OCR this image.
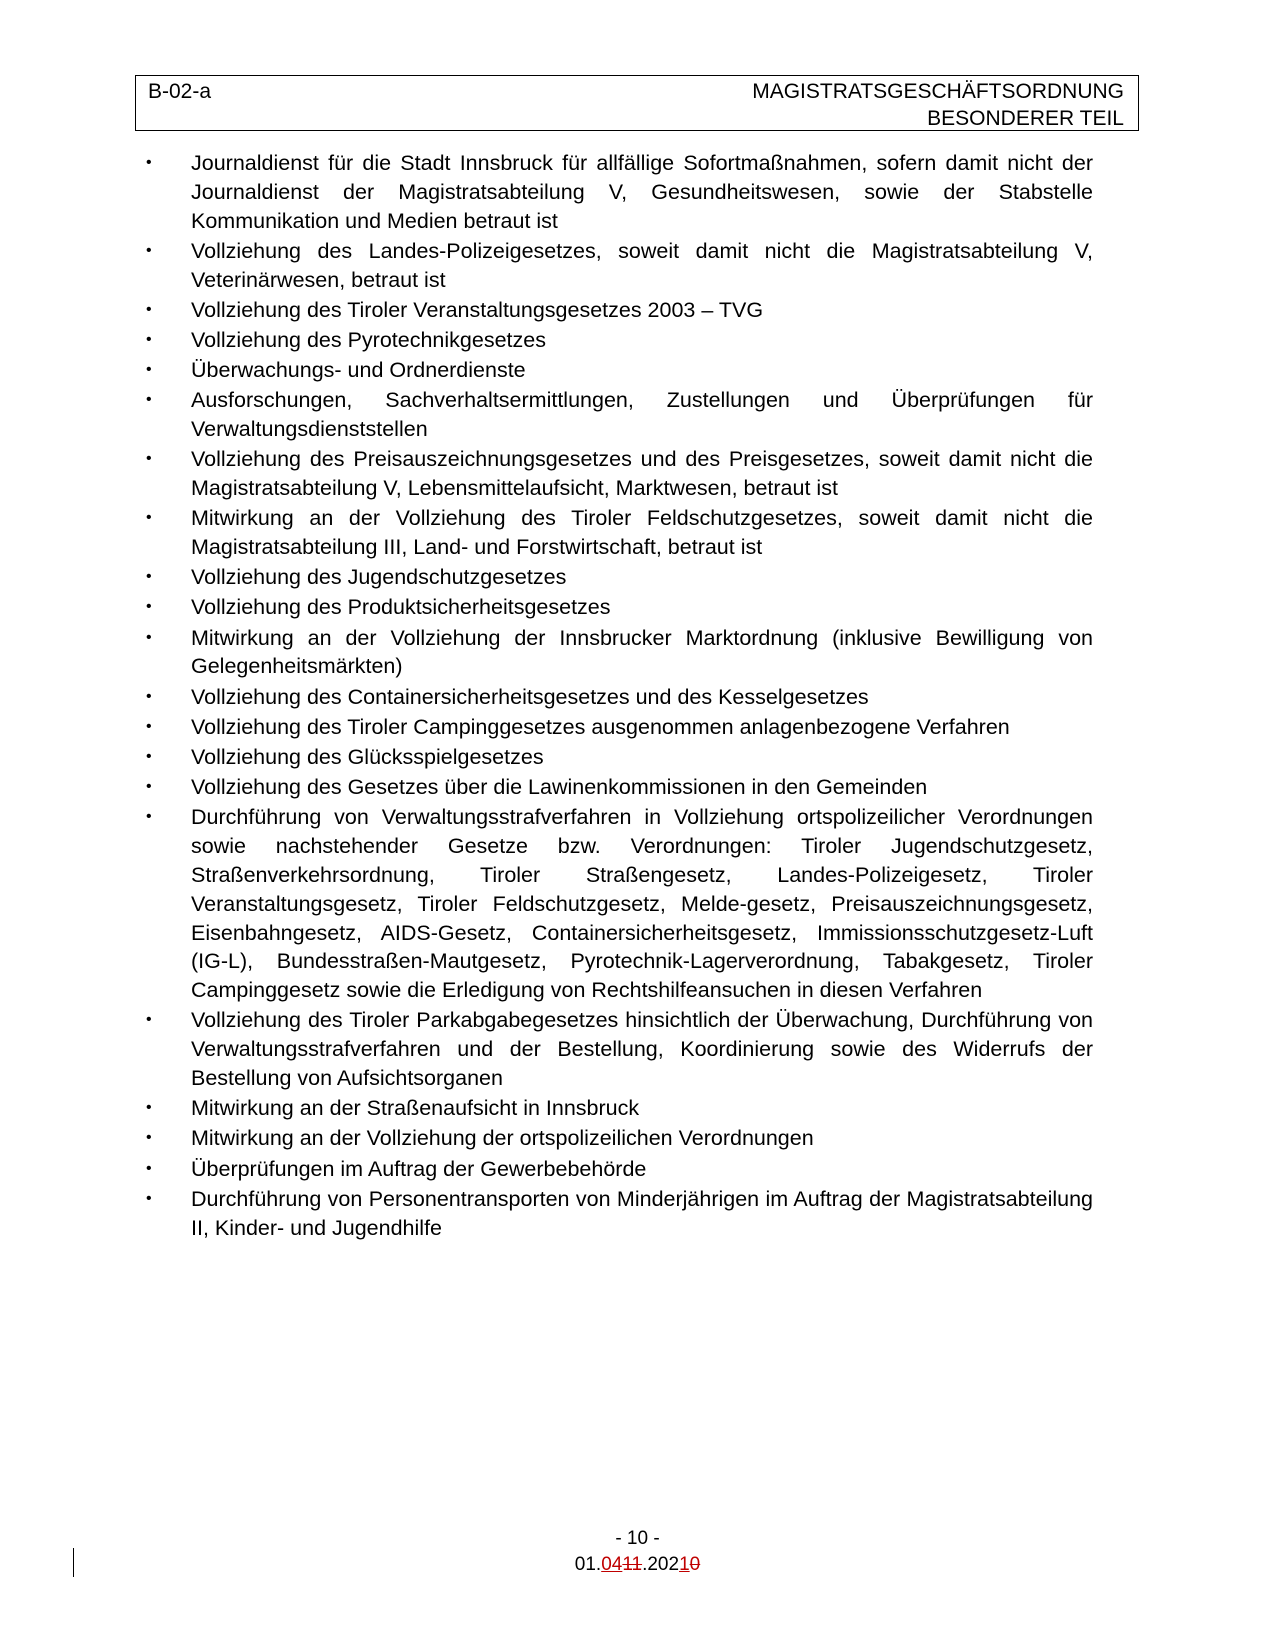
B-02-a	MAGISTRATSGESCHÄFTSORDNUNG
BESONDERER TEIL
• Journaldienst für die Stadt Innsbruck für allfällige Sofortmaßnahmen, sofern damit nicht der Journaldienst der Magistratsabteilung V, Gesundheitswesen, sowie der Stabstelle Kommunikation und Medien betraut ist
• Vollziehung des Landes-Polizeigesetzes, soweit damit nicht die Magistratsabteilung V, Veterinärwesen, betraut ist
• Vollziehung des Tiroler Veranstaltungsgesetzes 2003 – TVG
• Vollziehung des Pyrotechnikgesetzes
• Überwachungs- und Ordnerdienste
• Ausforschungen, Sachverhaltsermittlungen, Zustellungen und Überprüfungen für Verwaltungsdienststellen
• Vollziehung des Preisauszeichnungsgesetzes und des Preisgesetzes, soweit damit nicht die Magistratsabteilung V, Lebensmittelaufsicht, Marktwesen, betraut ist
• Mitwirkung an der Vollziehung des Tiroler Feldschutzgesetzes, soweit damit nicht die Magistratsabteilung III, Land- und Forstwirtschaft, betraut ist
• Vollziehung des Jugendschutzgesetzes
• Vollziehung des Produktsicherheitsgesetzes
• Mitwirkung an der Vollziehung der Innsbrucker Marktordnung (inklusive Bewilligung von Gelegenheitsmärkten)
• Vollziehung des Containersicherheitsgesetzes und des Kesselgesetzes
• Vollziehung des Tiroler Campinggesetzes ausgenommen anlagenbezogene Verfahren
• Vollziehung des Glücksspielgesetzes
• Vollziehung des Gesetzes über die Lawinenkommissionen in den Gemeinden
• Durchführung von Verwaltungsstrafverfahren in Vollziehung ortspolizeilicher Verordnungen sowie nachstehender Gesetze bzw. Verordnungen: Tiroler Jugendschutzgesetz, Straßenverkehrsordnung, Tiroler Straßengesetz, Landes-Polizeigesetz, Tiroler Veranstaltungsgesetz, Tiroler Feldschutzgesetz, Melde-gesetz, Preisauszeichnungsgesetz, Eisenbahngesetz, AIDS-Gesetz, Containersicherheitsgesetz, Immissionsschutzgesetz-Luft (IG-L), Bundesstraßen-Mautgesetz, Pyrotechnik-Lagerverordnung, Tabakgesetz, Tiroler Campinggesetz sowie die Erledigung von Rechtshilfeansuchen in diesen Verfahren
• Vollziehung des Tiroler Parkabgabegesetzes hinsichtlich der Überwachung, Durchführung von Verwaltungsstrafverfahren und der Bestellung, Koordinierung sowie des Widerrufs der Bestellung von Aufsichtsorganen
• Mitwirkung an der Straßenaufsicht in Innsbruck
• Mitwirkung an der Vollziehung der ortspolizeilichen Verordnungen
• Überprüfungen im Auftrag der Gewerbebehörde
• Durchführung von Personentransporten von Minderjährigen im Auftrag der Magistratsabteilung II, Kinder- und Jugendhilfe
- 10 -
01.0411.20210
